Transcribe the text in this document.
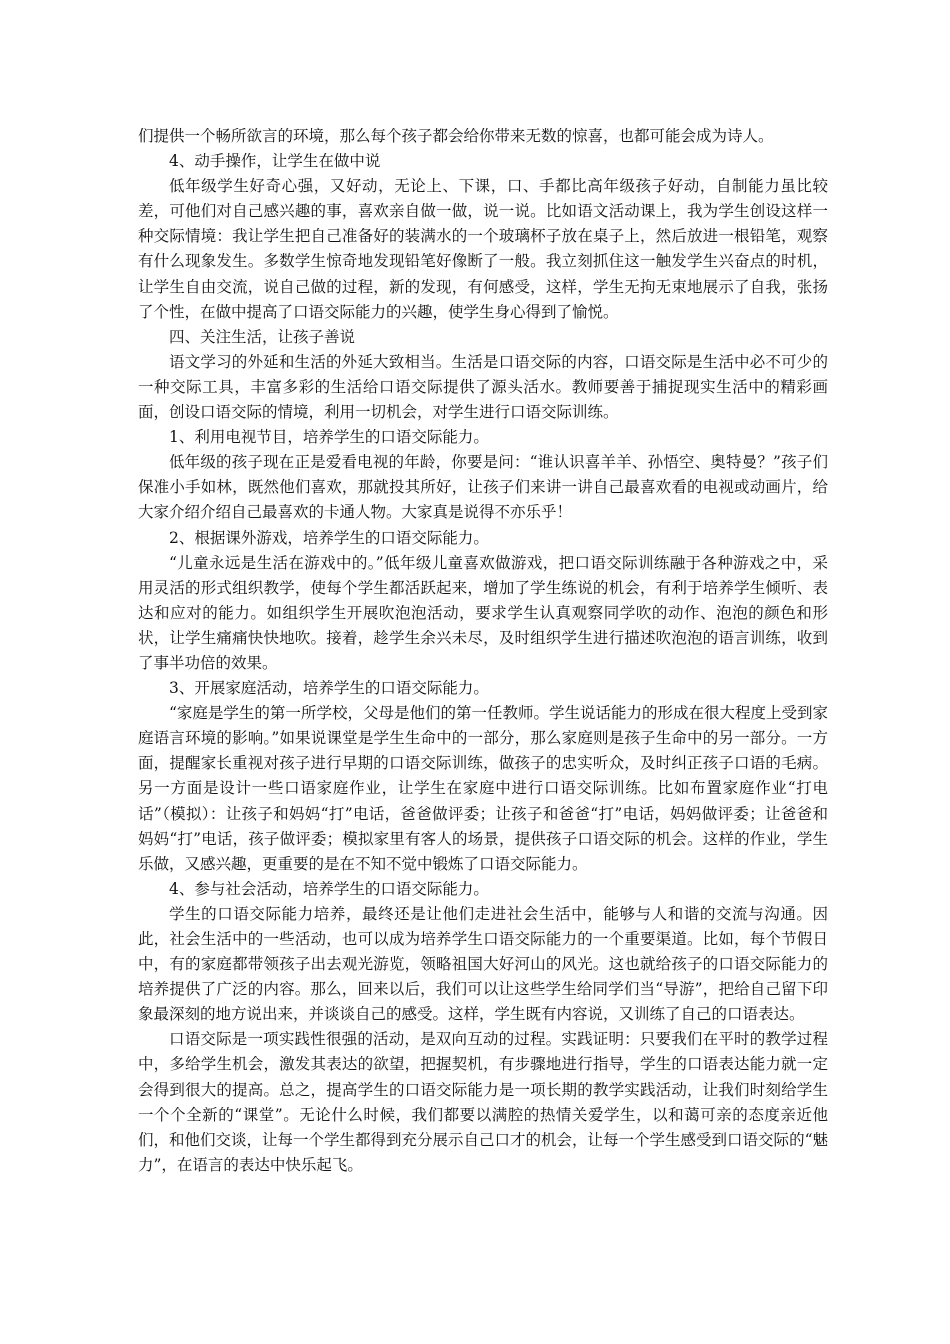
们提供一个畅所欲言的环境，那么每个孩子都会给你带来无数的惊喜，也都可能会成为诗人。

4、动手操作，让学生在做中说

低年级学生好奇心强，又好动，无论上、下课，口、手都比高年级孩子好动，自制能力虽比较差，可他们对自己感兴趣的事，喜欢亲自做一做，说一说。比如语文活动课上，我为学生创设这样一种交际情境：我让学生把自己准备好的装满水的一个玻璃杯子放在桌子上，然后放进一根铅笔，观察有什么现象发生。多数学生惊奇地发现铅笔好像断了一般。我立刻抓住这一触发学生兴奋点的时机，让学生自由交流，说自己做的过程，新的发现，有何感受，这样，学生无拘无束地展示了自我，张扬了个性，在做中提高了口语交际能力的兴趣，使学生身心得到了愉悦。

四、关注生活，让孩子善说

语文学习的外延和生活的外延大致相当。生活是口语交际的内容，口语交际是生活中必不可少的一种交际工具，丰富多彩的生活给口语交际提供了源头活水。教师要善于捕捉现实生活中的精彩画面，创设口语交际的情境，利用一切机会，对学生进行口语交际训练。

1、利用电视节目，培养学生的口语交际能力。

低年级的孩子现在正是爱看电视的年龄，你要是问：“谁认识喜羊羊、孙悟空、奥特曼？”孩子们保准小手如林，既然他们喜欢，那就投其所好，让孩子们来讲一讲自己最喜欢看的电视或动画片，给大家介绍介绍自己最喜欢的卡通人物。大家真是说得不亦乐乎！

2、根据课外游戏，培养学生的口语交际能力。

“儿童永远是生活在游戏中的。”低年级儿童喜欢做游戏，把口语交际训练融于各种游戏之中，采用灵活的形式组织教学，使每个学生都活跃起来，增加了学生练说的机会，有利于培养学生倾听、表达和应对的能力。如组织学生开展吹泡泡活动，要求学生认真观察同学吹的动作、泡泡的颜色和形状，让学生痛痛快快地吹。接着，趁学生余兴未尽，及时组织学生进行描述吹泡泡的语言训练，收到了事半功倍的效果。

3、开展家庭活动，培养学生的口语交际能力。

“家庭是学生的第一所学校，父母是他们的第一任教师。学生说话能力的形成在很大程度上受到家庭语言环境的影响。”如果说课堂是学生生命中的一部分，那么家庭则是孩子生命中的另一部分。一方面，提醒家长重视对孩子进行早期的口语交际训练，做孩子的忠实听众，及时纠正孩子口语的毛病。另一方面是设计一些口语家庭作业，让学生在家庭中进行口语交际训练。比如布置家庭作业“打电话”（模拟）：让孩子和妈妈“打”电话，爸爸做评委；让孩子和爸爸“打”电话，妈妈做评委；让爸爸和妈妈“打”电话，孩子做评委；模拟家里有客人的场景，提供孩子口语交际的机会。这样的作业，学生乐做，又感兴趣，更重要的是在不知不觉中锻炼了口语交际能力。

4、参与社会活动，培养学生的口语交际能力。

学生的口语交际能力培养，最终还是让他们走进社会生活中，能够与人和谐的交流与沟通。因此，社会生活中的一些活动，也可以成为培养学生口语交际能力的一个重要渠道。比如，每个节假日中，有的家庭都带领孩子出去观光游览，领略祖国大好河山的风光。这也就给孩子的口语交际能力的培养提供了广泛的内容。那么，回来以后，我们可以让这些学生给同学们当“导游”，把给自己留下印象最深刻的地方说出来，并谈谈自己的感受。这样，学生既有内容说，又训练了自己的口语表达。

口语交际是一项实践性很强的活动，是双向互动的过程。实践证明：只要我们在平时的教学过程中，多给学生机会，激发其表达的欲望，把握契机，有步骤地进行指导，学生的口语表达能力就一定会得到很大的提高。总之，提高学生的口语交际能力是一项长期的教学实践活动，让我们时刻给学生一个个全新的“课堂”。无论什么时候，我们都要以满腔的热情关爱学生，以和蔼可亲的态度亲近他们，和他们交谈，让每一个学生都得到充分展示自己口才的机会，让每一个学生感受到口语交际的“魅力”，在语言的表达中快乐起飞。
